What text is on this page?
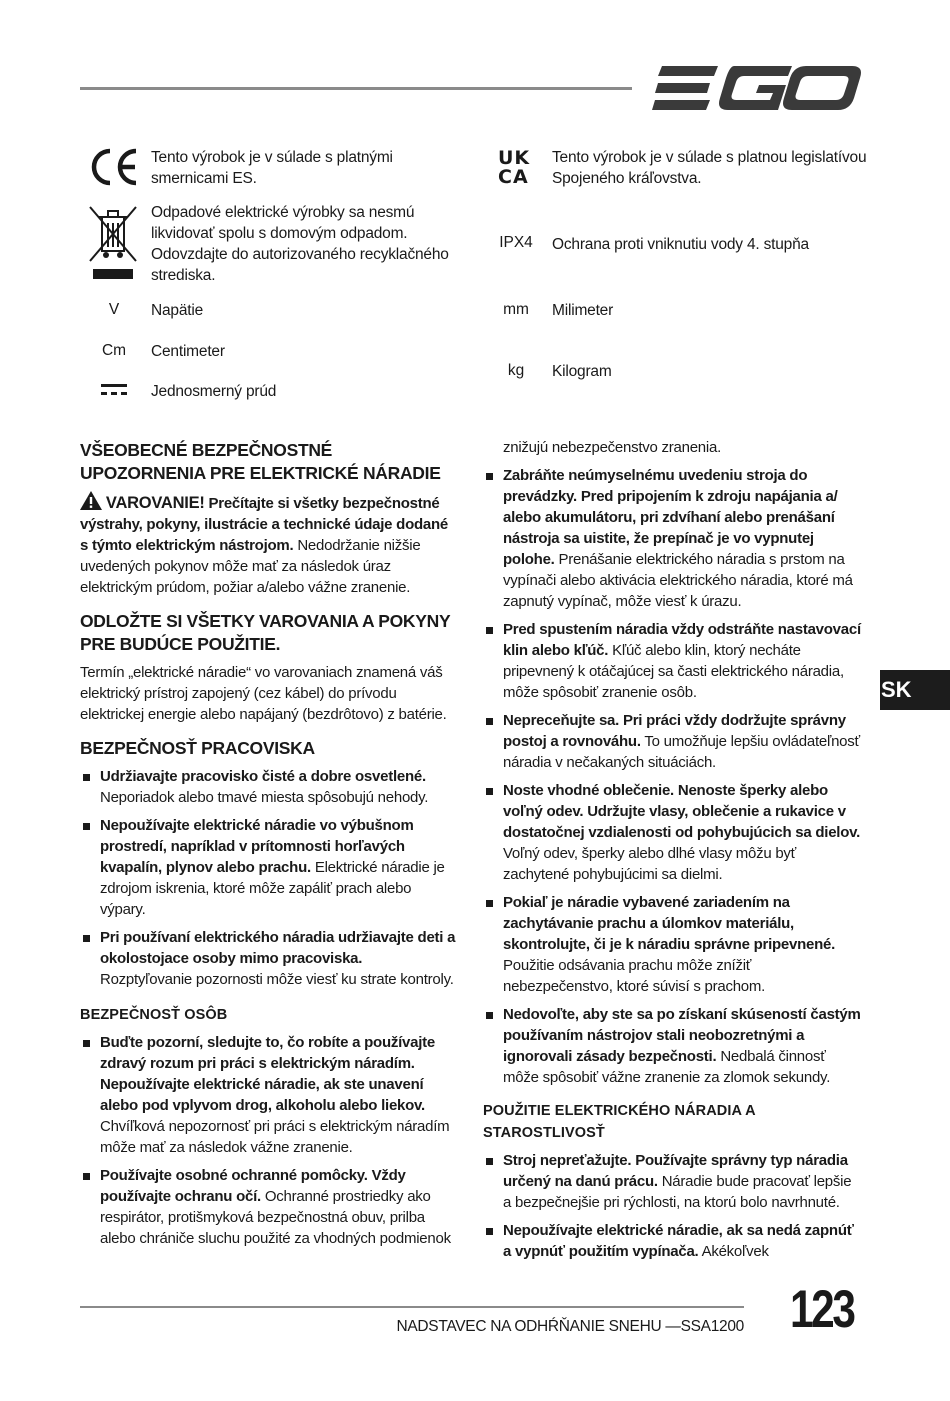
Tento výrobok je v súlade s platnými smernicami ES.
UK
CA
Tento výrobok je v súlade s platnou legislatívou Spojeného kráľovstva.
Odpadové elektrické výrobky sa nesmú likvidovať spolu s domovým odpadom. Odovzdajte do autorizovaného recyklačného strediska.
IPX4	Ochrana proti vniknutiu vody 4. stupňa
V	Napätie	mm	Milimeter
Cm	Centimeter
kg	Kilogram
Jednosmerný prúd
VŠEOBECNÉ BEZPEČNOSTNÉ UPOZORNENIA PRE ELEKTRICKÉ NÁRADIE
VAROVANIE! Prečítajte si všetky bezpečnostné výstrahy, pokyny, ilustrácie a technické údaje dodané s týmto elektrickým nástrojom. Nedodržanie nižšie uvedených pokynov môže mať za následok úraz elektrickým prúdom, požiar a/alebo vážne zranenie.
ODLOŽTE SI VŠETKY VAROVANIA A POKYNY PRE BUDÚCE POUŽITIE.
Termín „elektrické náradie“ vo varovaniach znamená váš elektrický prístroj zapojený (cez kábel) do prívodu elektrickej energie alebo napájaný (bezdrôtovo) z batérie.
BEZPEČNOSŤ PRACOVISKA
Udržiavajte pracovisko čisté a dobre osvetlené. Neporiadok alebo tmavé miesta spôsobujú nehody.
Nepoužívajte elektrické náradie vo výbušnom prostredí, napríklad v prítomnosti horľavých kvapalín, plynov alebo prachu. Elektrické náradie je zdrojom iskrenia, ktoré môže zapáliť prach alebo výpary.
Pri používaní elektrického náradia udržiavajte deti a okolostojace osoby mimo pracoviska. Rozptyľovanie pozornosti môže viesť ku strate kontroly.
BEZPEČNOSŤ OSÔB
Buďte pozorní, sledujte to, čo robíte a používajte zdravý rozum pri práci s elektrickým náradím. Nepoužívajte elektrické náradie, ak ste unavení alebo pod vplyvom drog, alkoholu alebo liekov. Chvíľková nepozornosť pri práci s elektrickým náradím môže mať za následok vážne zranenie.
Používajte osobné ochranné pomôcky. Vždy používajte ochranu očí. Ochranné prostriedky ako respirátor, protišmyková bezpečnostná obuv, prilba alebo chrániče sluchu použité za vhodných podmienok
znižujú nebezpečenstvo zranenia.
Zabráňte neúmyselnému uvedeniu stroja do prevádzky. Pred pripojením k zdroju napájania a/ alebo akumulátoru, pri zdvíhaní alebo prenášaní nástroja sa uistite, že prepínač je vo vypnutej polohe. Prenášanie elektrického náradia s prstom na vypínači alebo aktivácia elektrického náradia, ktoré má zapnutý vypínač, môže viesť k úrazu.
Pred spustením náradia vždy odstráňte nastavovací klin alebo kľúč. Kľúč alebo klin, ktorý necháte pripevnený k otáčajúcej sa časti elektrického náradia, môže spôsobiť zranenie osôb.
Nepreceňujte sa. Pri práci vždy dodržujte správny postoj a rovnováhu. To umožňuje lepšiu ovládateľnosť náradia v nečakaných situáciách.
Noste vhodné oblečenie. Nenoste šperky alebo voľný odev. Udržujte vlasy, oblečenie a rukavice v dostatočnej vzdialenosti od pohybujúcich sa dielov. Voľný odev, šperky alebo dlhé vlasy môžu byť zachytené pohybujúcimi sa dielmi.
Pokiaľ je náradie vybavené zariadením na zachytávanie prachu a úlomkov materiálu, skontrolujte, či je k náradiu správne pripevnené. Použitie odsávania prachu môže znížiť nebezpečenstvo, ktoré súvisí s prachom.
Nedovoľte, aby ste sa po získaní skúseností častým používaním nástrojov stali neobozretnými a ignorovali zásady bezpečnosti. Nedbalá činnosť môže spôsobiť vážne zranenie za zlomok sekundy.
POUŽITIE ELEKTRICKÉHO NÁRADIA A STAROSTLIVOSŤ
Stroj nepreťažujte. Používajte správny typ náradia určený na danú prácu. Náradie bude pracovať lepšie a bezpečnejšie pri rýchlosti, na ktorú bolo navrhnuté.
Nepoužívajte elektrické náradie, ak sa nedá zapnúť a vypnúť použitím vypínača. Akékoľvek
SK
NADSTAVEC NA ODHŔŇANIE SNEHU —SSA1200 123
